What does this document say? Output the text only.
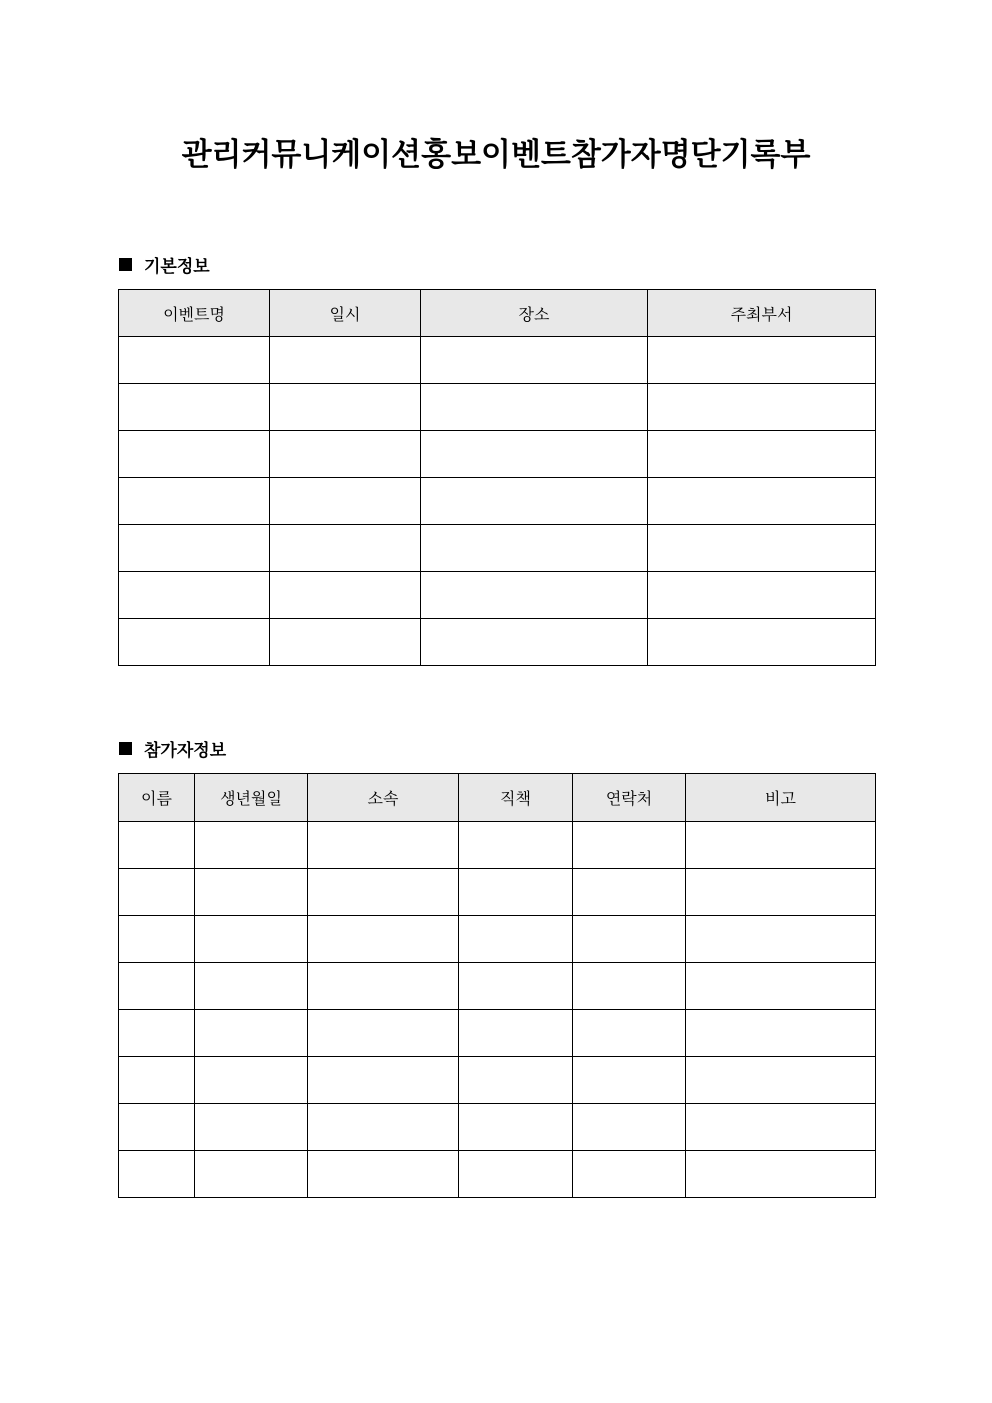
관리커뮤니케이션홍보이벤트참가자명단기록부
기본정보
이벤트명	일시	장소	주최부서

참가자정보
이름	생년월일	소속	직책	연락처	비고
